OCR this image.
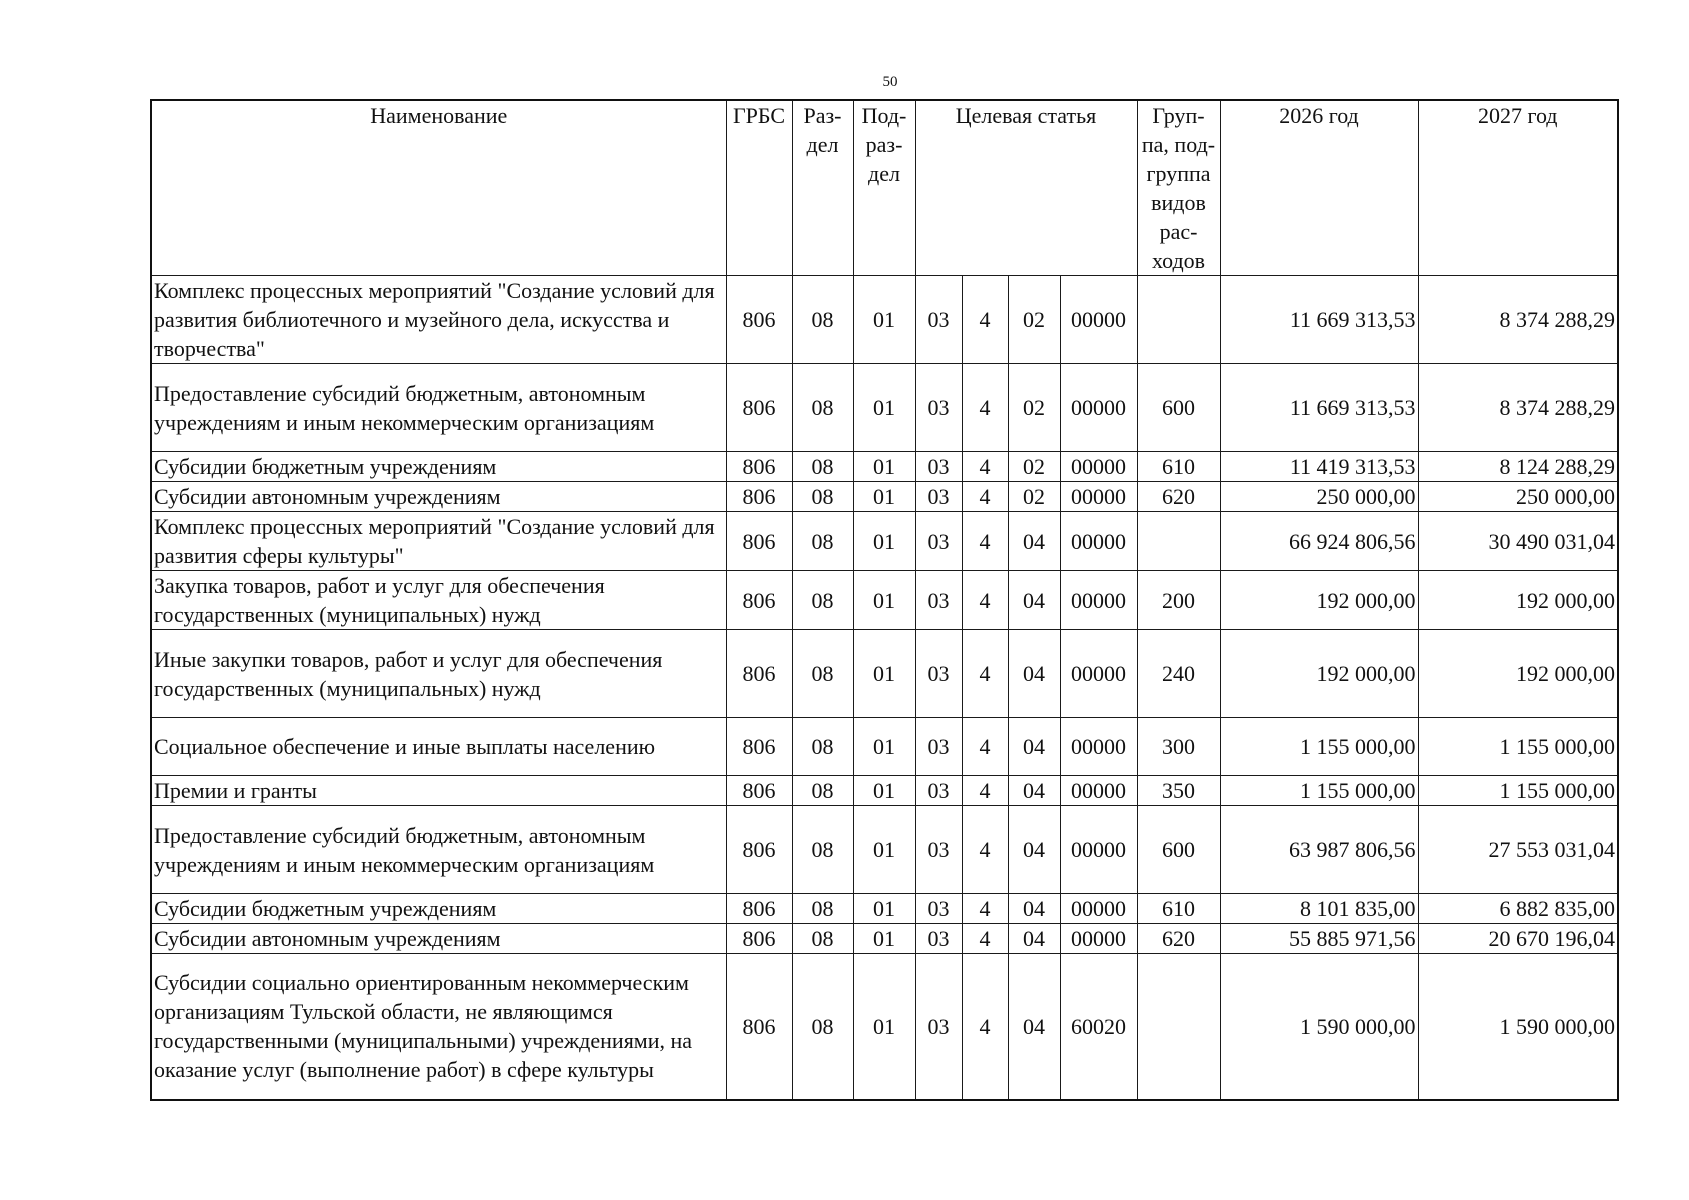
50
Наименование	ГРБС	Раз-дел	Под-раз-дел	Целевая статья				Груп-па, под-группа видов рас-ходов	2026 год	2027 год
Комплекс процессных мероприятий "Создание условий для развития библиотечного и музейного дела, искусства и творчества"	806	08	01	03	4	02	00000		11 669 313,53	8 374 288,29
Предоставление субсидий бюджетным, автономным учреждениям и иным некоммерческим организациям	806	08	01	03	4	02	00000	600	11 669 313,53	8 374 288,29
Субсидии бюджетным учреждениям	806	08	01	03	4	02	00000	610	11 419 313,53	8 124 288,29
Субсидии автономным учреждениям	806	08	01	03	4	02	00000	620	250 000,00	250 000,00
Комплекс процессных мероприятий "Создание условий для развития сферы культуры"	806	08	01	03	4	04	00000		66 924 806,56	30 490 031,04
Закупка товаров, работ и услуг для обеспечения государственных (муниципальных) нужд	806	08	01	03	4	04	00000	200	192 000,00	192 000,00
Иные закупки товаров, работ и услуг для обеспечения государственных (муниципальных) нужд	806	08	01	03	4	04	00000	240	192 000,00	192 000,00
Социальное обеспечение и иные выплаты населению	806	08	01	03	4	04	00000	300	1 155 000,00	1 155 000,00
Премии и гранты	806	08	01	03	4	04	00000	350	1 155 000,00	1 155 000,00
Предоставление субсидий бюджетным, автономным учреждениям и иным некоммерческим организациям	806	08	01	03	4	04	00000	600	63 987 806,56	27 553 031,04
Субсидии бюджетным учреждениям	806	08	01	03	4	04	00000	610	8 101 835,00	6 882 835,00
Субсидии автономным учреждениям	806	08	01	03	4	04	00000	620	55 885 971,56	20 670 196,04
Субсидии социально ориентированным некоммерческим организациям Тульской области, не являющимся государственными (муниципальными) учреждениями, на оказание услуг (выполнение работ) в сфере культуры	806	08	01	03	4	04	60020		1 590 000,00	1 590 000,00
